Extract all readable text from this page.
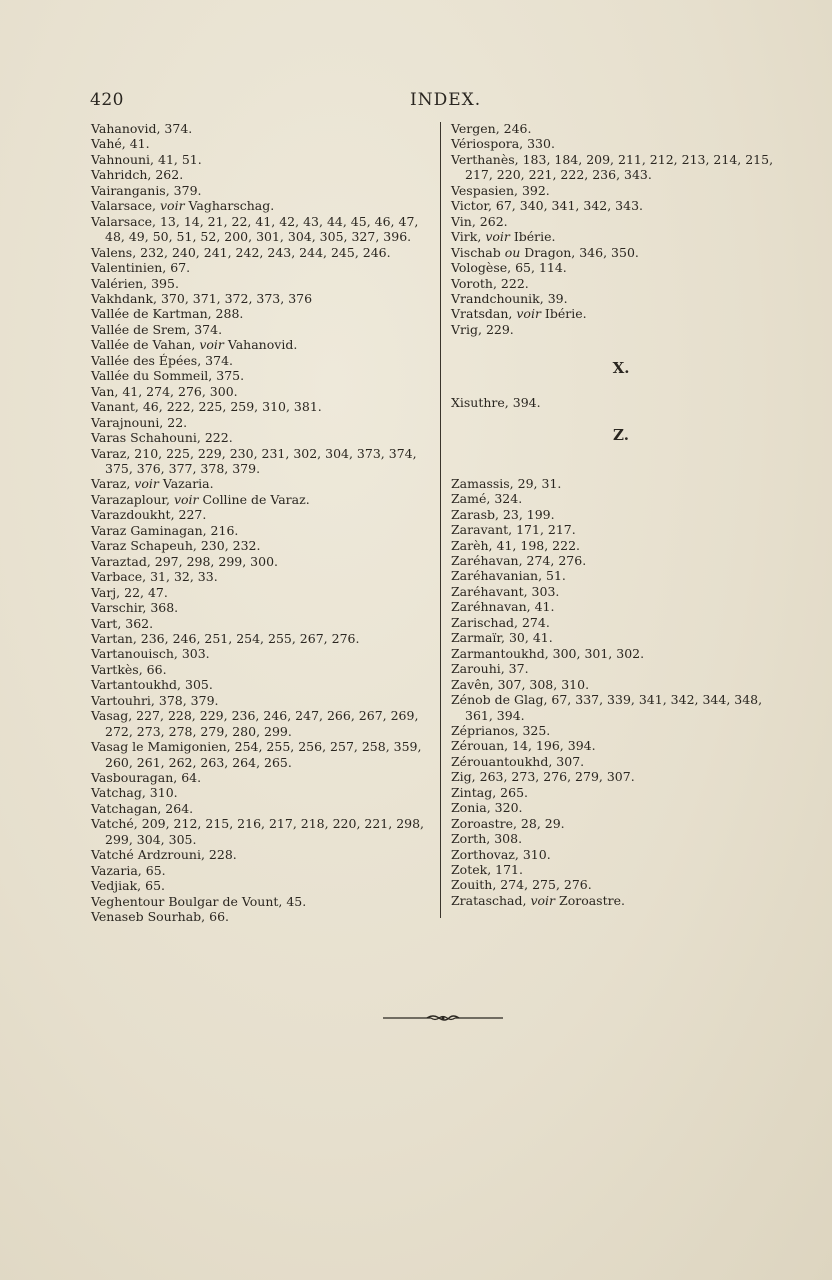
420	INDEX.
Vahanovid, 374.
Vahé, 41.
Vahnouni, 41, 51.
Vahridch, 262.
Vairanganis, 379.
Valarsace, voir Vagharschag.
Valarsace, 13, 14, 21, 22, 41, 42, 43, 44, 45, 46, 47, 48, 49, 50, 51, 52, 200, 301, 304, 305, 327, 396.
Valens, 232, 240, 241, 242, 243, 244, 245, 246.
Valentinien, 67.
Valérien, 395.
Vakhdank, 370, 371, 372, 373, 376
Vallée de Kartman, 288.
Vallée de Srem, 374.
Vallée de Vahan, voir Vahanovid.
Vallée des Épées, 374.
Vallée du Sommeil, 375.
Van, 41, 274, 276, 300.
Vanant, 46, 222, 225, 259, 310, 381.
Varajnouni, 22.
Varas Schahouni, 222.
Varaz, 210, 225, 229, 230, 231, 302, 304, 373, 374, 375, 376, 377, 378, 379.
Varaz, voir Vazaria.
Varazaplour, voir Colline de Varaz.
Varazdoukht, 227.
Varaz Gaminagan, 216.
Varaz Schapeuh, 230, 232.
Varaztad, 297, 298, 299, 300.
Varbace, 31, 32, 33.
Varj, 22, 47.
Varschir, 368.
Vart, 362.
Vartan, 236, 246, 251, 254, 255, 267, 276.
Vartanouisch, 303.
Vartkès, 66.
Vartantoukhd, 305.
Vartouhri, 378, 379.
Vasag, 227, 228, 229, 236, 246, 247, 266, 267, 269, 272, 273, 278, 279, 280, 299.
Vasag le Mamigonien, 254, 255, 256, 257, 258, 359, 260, 261, 262, 263, 264, 265.
Vasbouragan, 64.
Vatchag, 310.
Vatchagan, 264.
Vatché, 209, 212, 215, 216, 217, 218, 220, 221, 298, 299, 304, 305.
Vatché Ardzrouni, 228.
Vazaria, 65.
Vedjiak, 65.
Veghentour Boulgar de Vount, 45.
Venaseb Sourhab, 66.
Vergen, 246.
Vériospora, 330.
Verthanès, 183, 184, 209, 211, 212, 213, 214, 215, 217, 220, 221, 222, 236, 343.
Vespasien, 392.
Victor, 67, 340, 341, 342, 343.
Vin, 262.
Virk, voir Ibérie.
Vischab ou Dragon, 346, 350.
Vologèse, 65, 114.
Voroth, 222.
Vrandchounik, 39.
Vratsdan, voir Ibérie.
Vrig, 229.
X.
Xisuthre, 394.
Z.
Zamassis, 29, 31.
Zamé, 324.
Zarasb, 23, 199.
Zaravant, 171, 217.
Zarèh, 41, 198, 222.
Zaréhavan, 274, 276.
Zaréhavanian, 51.
Zaréhavant, 303.
Zaréhnavan, 41.
Zarischad, 274.
Zarmaïr, 30, 41.
Zarmantoukhd, 300, 301, 302.
Zarouhi, 37.
Zavên, 307, 308, 310.
Zénob de Glag, 67, 337, 339, 341, 342, 344, 348, 361, 394.
Zéprianos, 325.
Zérouan, 14, 196, 394.
Zérouantoukhd, 307.
Zig, 263, 273, 276, 279, 307.
Zintag, 265.
Zonia, 320.
Zoroastre, 28, 29.
Zorth, 308.
Zorthovaz, 310.
Zotek, 171.
Zouith, 274, 275, 276.
Zrataschad, voir Zoroastre.
